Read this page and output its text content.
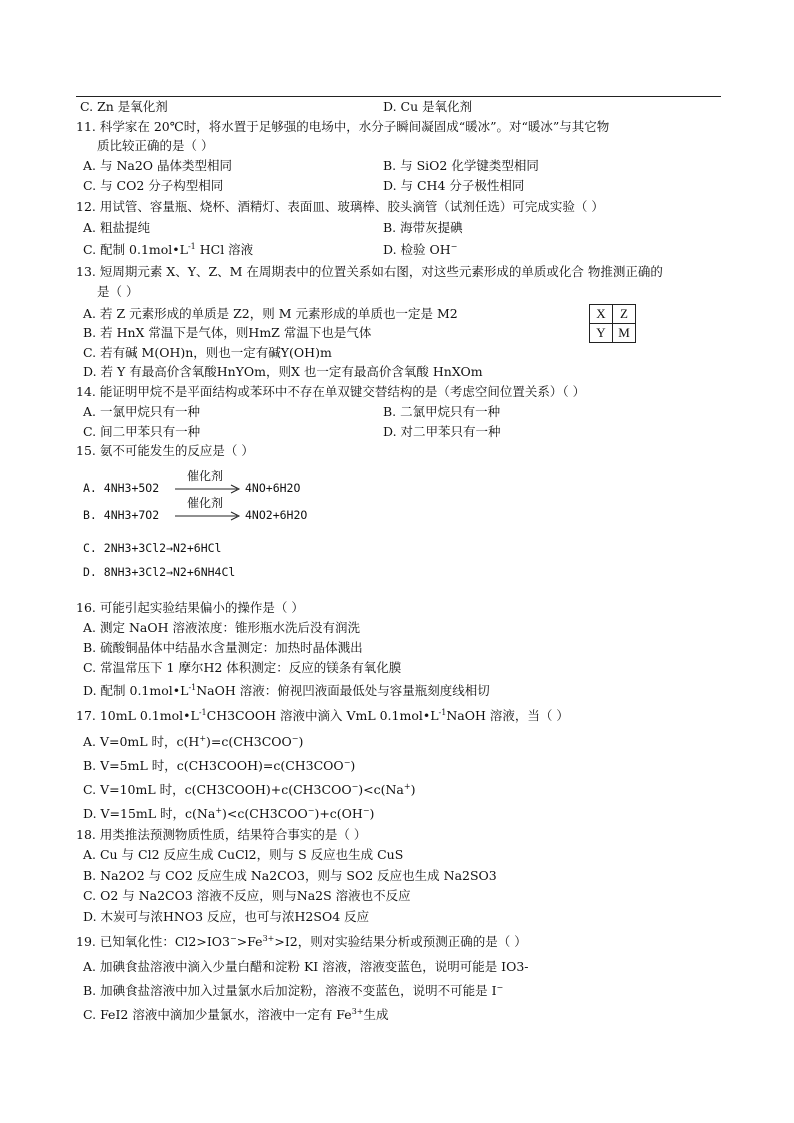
C. Zn 是氧化剂	D. Cu 是氧化剂
11. 科学家在 20℃时，将水置于足够强的电场中，水分子瞬间凝固成“暖冰”。对“暖冰”与其它物
质比较正确的是（ ）
A. 与 Na2O 晶体类型相同	B. 与 SiO2 化学键类型相同
C. 与 CO2 分子构型相同	D. 与 CH4 分子极性相同
12. 用试管、容量瓶、烧杯、酒精灯、表面皿、玻璃棒、胶头滴管（试剂任选）可完成实验（ ）
A. 粗盐提纯	B. 海带灰提碘
C. 配制 $0.1mol•L^{-1}$ HCl 溶液	D. 检验 OH−
13. 短周期元素 X、Y、Z、M 在周期表中的位置关系如右图，对这些元素形成的单质或化合 物推测正确的
是（ ）
A. 若 Z 元素形成的单质是 Z2，则 M 元素形成的单质也一定是 M2
B. 若 HnX 常温下是气体，则HmZ 常温下也是气体
C. 若有碱 M(OH)n，则也一定有碱Y(OH)m
D. 若 Y 有最高价含氧酸HnYOm，则X 也一定有最高价含氧酸 HnXOm
X	Z
Y	M
14. 能证明甲烷不是平面结构或苯环中不存在单双键交替结构的是（考虑空间位置关系）（ ）
A. 一氯甲烷只有一种	B. 二氯甲烷只有一种
C. 间二甲苯只有一种	D. 对二甲苯只有一种
15. 氨不可能发生的反应是（ ）
A. 4NH3+5O2
催化剂
4NO+6H2O
B. 4NH3+7O2
催化剂
4NO2+6H2O
C. 2NH3+3Cl2→N2+6HCl
D. 8NH3+3Cl2→N2+6NH4Cl
16. 可能引起实验结果偏小的操作是（ ）
A. 测定 NaOH 溶液浓度：锥形瓶水洗后没有润洗
B. 硫酸铜晶体中结晶水含量测定：加热时晶体溅出
C. 常温常压下 1 摩尔H2 体积测定：反应的镁条有氧化膜
D. 配制 $0.1mol•L^{-1}NaOH$ 溶液：俯视凹液面最低处与容量瓶刻度线相切
17. 10mL $0.1mol•L^{-1}CH3COOH$ 溶液中滴入 VmL $0.1mol•L^{-1}NaOH$ 溶液，当（ ）
A. V=0mL 时，c(H+)=c(CH3COO−)
B. V=5mL 时，c(CH3COOH)=c(CH3COO−)
C. V=10mL 时，c(CH3COOH)+c(CH3COO−)<c(Na+)
D. V=15mL 时，c(Na+)<c(CH3COO−)+c(OH−)
18. 用类推法预测物质性质，结果符合事实的是（ ）
A. Cu 与 Cl2 反应生成 CuCl2，则与 S 反应也生成 CuS
B. Na2O2 与 CO2 反应生成 Na2CO3，则与 SO2 反应也生成 Na2SO3
C. O2 与 Na2CO3 溶液不反应，则与Na2S 溶液也不反应
D. 木炭可与浓HNO3 反应，也可与浓H2SO4 反应
19. 已知氧化性：$Cl2>IO3^->Fe^{3+}>I2$，则对实验结果分析或预测正确的是（ ）
A. 加碘食盐溶液中滴入少量白醋和淀粉 KI 溶液，溶液变蓝色，说明可能是 IO3-
B. 加碘食盐溶液中加入过量氯水后加淀粉，溶液不变蓝色，说明不可能是 I−
C. FeI2 溶液中滴加少量氯水，溶液中一定有 $Fe^{3+}$生成
